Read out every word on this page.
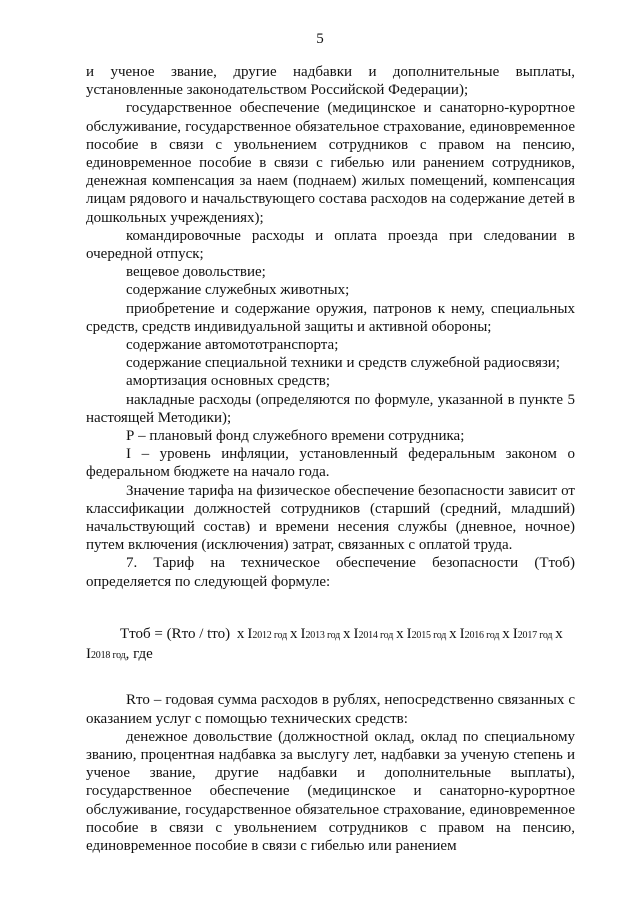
5

и ученое звание, другие надбавки и дополнительные выплаты, установленные законодательством Российской Федерации);

государственное обеспечение (медицинское и санаторно-курортное обслуживание, государственное обязательное страхование, единовременное пособие в связи с увольнением сотрудников с правом на пенсию, единовременное пособие в связи с гибелью или ранением сотрудников, денежная компенсация за наем (поднаем) жилых помещений, компенсация лицам рядового и начальствующего состава расходов на содержание детей в дошкольных учреждениях);

командировочные расходы и оплата проезда при следовании в очередной отпуск;

вещевое довольствие;

содержание служебных животных;

приобретение и содержание оружия, патронов к нему, специальных средств, средств индивидуальной защиты и активной обороны;

содержание автомототранспорта;

содержание специальной техники и средств служебной радиосвязи;

амортизация основных средств;

накладные расходы (определяются по формуле, указанной в пункте 5 настоящей Методики);

Р – плановый фонд служебного времени сотрудника;

I – уровень инфляции, установленный федеральным законом о федеральном бюджете на начало года.

Значение тарифа на физическое обеспечение безопасности зависит от классификации должностей сотрудников (старший (средний, младший) начальствующий состав) и времени несения службы (дневное, ночное) путем включения (исключения) затрат, связанных с оплатой труда.

7. Тариф на техническое обеспечение безопасности (Ттоб) определяется по следующей формуле:

Ттоб = (Rто / tто) x I2012 год x I2013 год x I2014 год x I2015 год x I2016 год x I2017 год x

I2018 год, где

Rто – годовая сумма расходов в рублях, непосредственно связанных с оказанием услуг с помощью технических средств:

денежное довольствие (должностной оклад, оклад по специальному званию, процентная надбавка за выслугу лет, надбавки за ученую степень и ученое звание, другие надбавки и дополнительные выплаты), государственное обеспечение (медицинское и санаторно-курортное обслуживание, государственное обязательное страхование, единовременное пособие в связи с увольнением сотрудников с правом на пенсию, единовременное пособие в связи с гибелью или ранением
